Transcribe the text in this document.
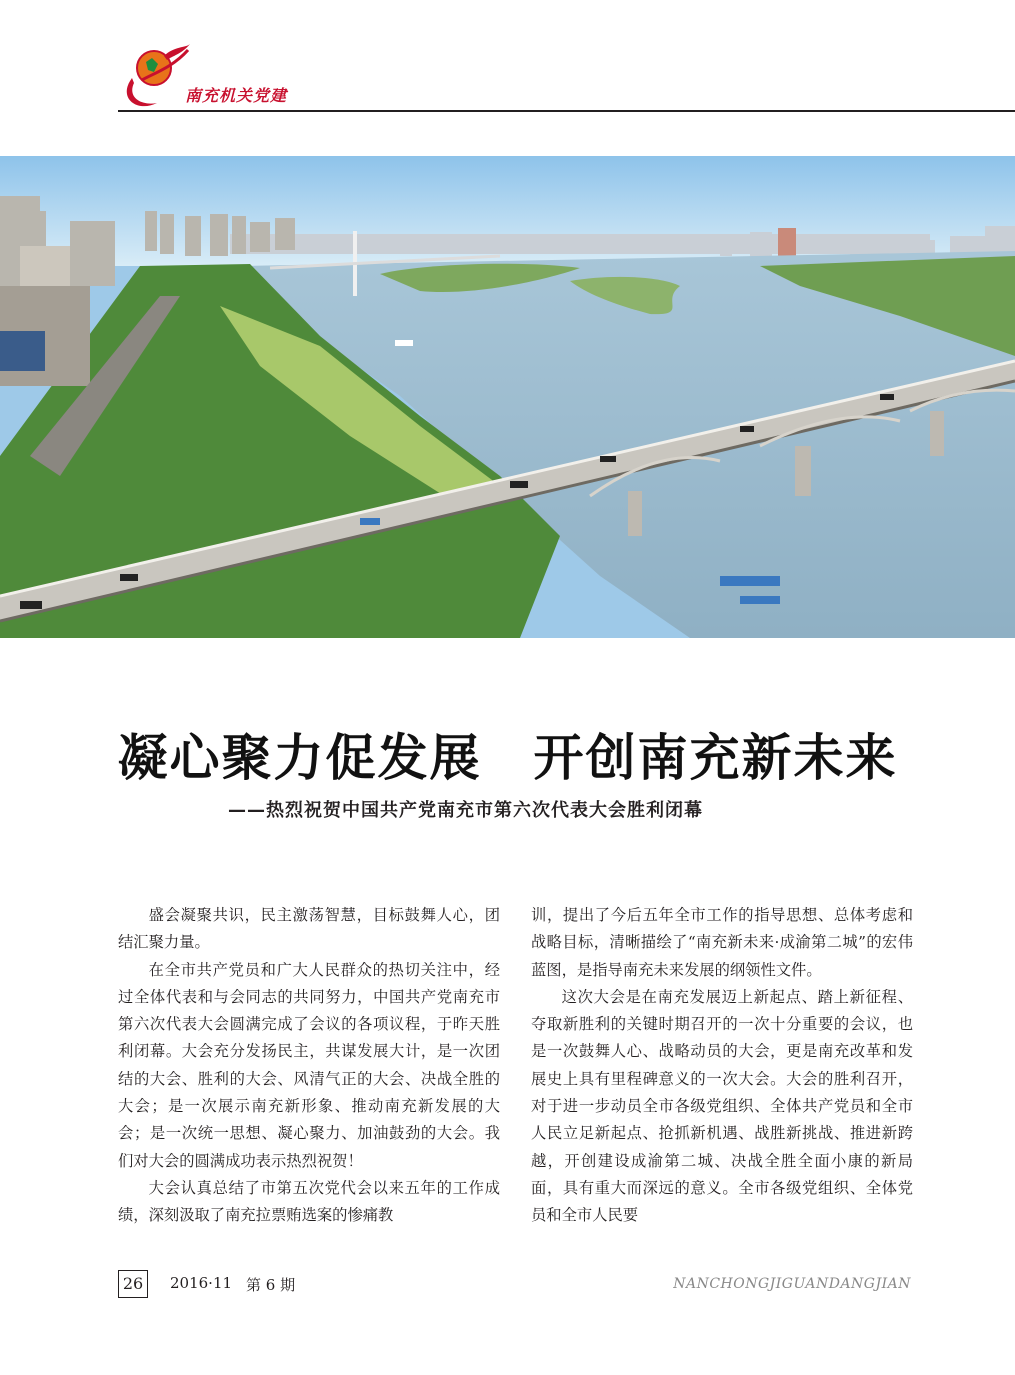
南充机关党建
凝心聚力促发展　开创南充新未来
——热烈祝贺中国共产党南充市第六次代表大会胜利闭幕

盛会凝聚共识，民主激荡智慧，目标鼓舞人心，团结汇聚力量。

在全市共产党员和广大人民群众的热切关注中，经过全体代表和与会同志的共同努力，中国共产党南充市第六次代表大会圆满完成了会议的各项议程，于昨天胜利闭幕。大会充分发扬民主，共谋发展大计，是一次团结的大会、胜利的大会、风清气正的大会、决战全胜的大会；是一次展示南充新形象、推动南充新发展的大会；是一次统一思想、凝心聚力、加油鼓劲的大会。我们对大会的圆满成功表示热烈祝贺！

大会认真总结了市第五次党代会以来五年的工作成绩，深刻汲取了南充拉票贿选案的惨痛教

训，提出了今后五年全市工作的指导思想、总体考虑和战略目标，清晰描绘了“南充新未来·成渝第二城”的宏伟蓝图，是指导南充未来发展的纲领性文件。

这次大会是在南充发展迈上新起点、踏上新征程、夺取新胜利的关键时期召开的一次十分重要的会议，也是一次鼓舞人心、战略动员的大会，更是南充改革和发展史上具有里程碑意义的一次大会。大会的胜利召开，对于进一步动员全市各级党组织、全体共产党员和全市人民立足新起点、抢抓新机遇、战胜新挑战、推进新跨越，开创建设成渝第二城、决战全胜全面小康的新局面，具有重大而深远的意义。全市各级党组织、全体党员和全市人民要

26	2016·11 第 6 期	NANCHONGJIGUANDANGJIAN
